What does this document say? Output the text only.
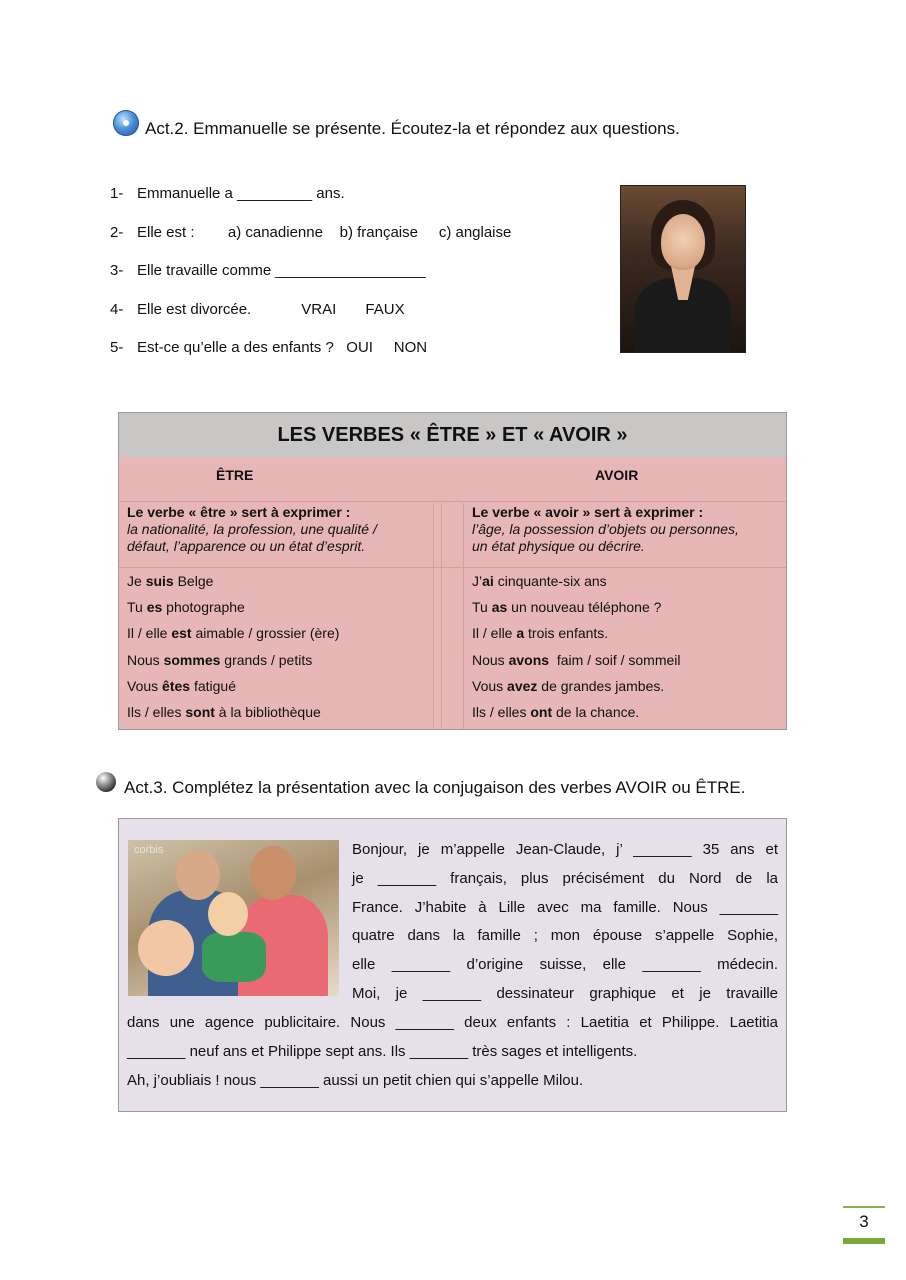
Act.2. Emmanuelle se présente. Écoutez-la et répondez aux questions.
1- Emmanuelle a _________ ans.
2- Elle est :        a) canadienne    b) française     c) anglaise
3- Elle travaille comme __________________
4- Elle est divorcée.            VRAI       FAUX
5- Est-ce qu’elle a des enfants ?   OUI     NON
LES VERBES « ÊTRE » ET « AVOIR »
ÊTRE	AVOIR
Le verbe « être » sert à exprimer :
la nationalité, la profession, une qualité /
défaut, l’apparence ou un état d’esprit.
Le verbe « avoir » sert à exprimer :
l’âge, la possession d’objets ou personnes,
un état physique ou décrire.
Je suis Belge
Tu es photographe
Il / elle est aimable / grossier (ère)
Nous sommes grands / petits
Vous êtes fatigué
Ils / elles sont à la bibliothèque
J’ai cinquante-six ans
Tu as un nouveau téléphone ?
Il / elle a trois enfants.
Nous avons  faim / soif / sommeil
Vous avez de grandes jambes.
Ils / elles ont de la chance.
Act.3. Complétez la présentation avec la conjugaison des verbes AVOIR ou ÊTRE.
corbis	Bonjour, je m’appelle Jean-Claude, j’ _______ 35 ans et
je _______ français, plus précisément du Nord de la
France. J’habite à Lille avec ma famille. Nous _______
quatre dans la famille ; mon épouse s’appelle Sophie,
elle _______ d’origine suisse, elle _______ médecin.
Moi, je _______ dessinateur graphique et je travaille
dans une agence publicitaire. Nous _______ deux enfants : Laetitia et Philippe. Laetitia
_______ neuf ans et Philippe sept ans. Ils _______ très sages et intelligents.
Ah, j’oubliais ! nous _______ aussi un petit chien qui s’appelle Milou.
3
